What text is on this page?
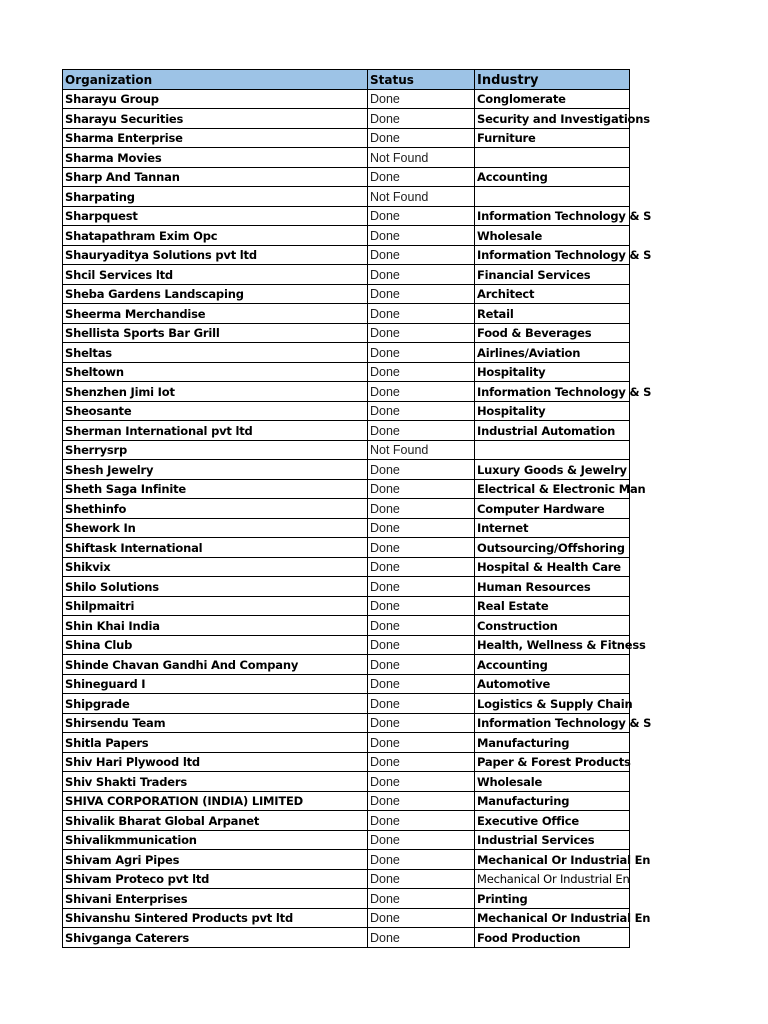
Organization	Status	Industry
Sharayu Group	Done	Conglomerate
Sharayu Securities	Done	Security and Investigations
Sharma Enterprise	Done	Furniture
Sharma Movies	Not Found	
Sharp And Tannan	Done	Accounting
Sharpating	Not Found	
Sharpquest	Done	Information Technology & S
Shatapathram Exim Opc	Done	Wholesale
Shauryaditya Solutions pvt ltd	Done	Information Technology & S
Shcil Services ltd	Done	Financial Services
Sheba Gardens Landscaping	Done	Architect
Sheerma Merchandise	Done	Retail
Shellista Sports Bar Grill	Done	Food & Beverages
Sheltas	Done	Airlines/Aviation
Sheltown	Done	Hospitality
Shenzhen Jimi Iot	Done	Information Technology & S
Sheosante	Done	Hospitality
Sherman International pvt ltd	Done	Industrial Automation
Sherrysrp	Not Found	
Shesh Jewelry	Done	Luxury Goods & Jewelry
Sheth Saga Infinite	Done	Electrical & Electronic Man
Shethinfo	Done	Computer Hardware
Shework In	Done	Internet
Shiftask International	Done	Outsourcing/Offshoring
Shikvix	Done	Hospital & Health Care
Shilo Solutions	Done	Human Resources
Shilpmaitri	Done	Real Estate
Shin Khai India	Done	Construction
Shina Club	Done	Health, Wellness & Fitness
Shinde Chavan Gandhi And Company	Done	Accounting
Shineguard I	Done	Automotive
Shipgrade	Done	Logistics & Supply Chain
Shirsendu Team	Done	Information Technology & S
Shitla Papers	Done	Manufacturing
Shiv Hari Plywood ltd	Done	Paper & Forest Products
Shiv Shakti Traders	Done	Wholesale
SHIVA CORPORATION (INDIA) LIMITED	Done	Manufacturing
Shivalik Bharat Global Arpanet	Done	Executive Office
Shivalikmmunication	Done	Industrial Services
Shivam Agri Pipes	Done	Mechanical Or Industrial En
Shivam Proteco pvt ltd	Done	Mechanical Or Industrial En
Shivani Enterprises	Done	Printing
Shivanshu Sintered Products pvt ltd	Done	Mechanical Or Industrial En
Shivganga Caterers	Done	Food Production
